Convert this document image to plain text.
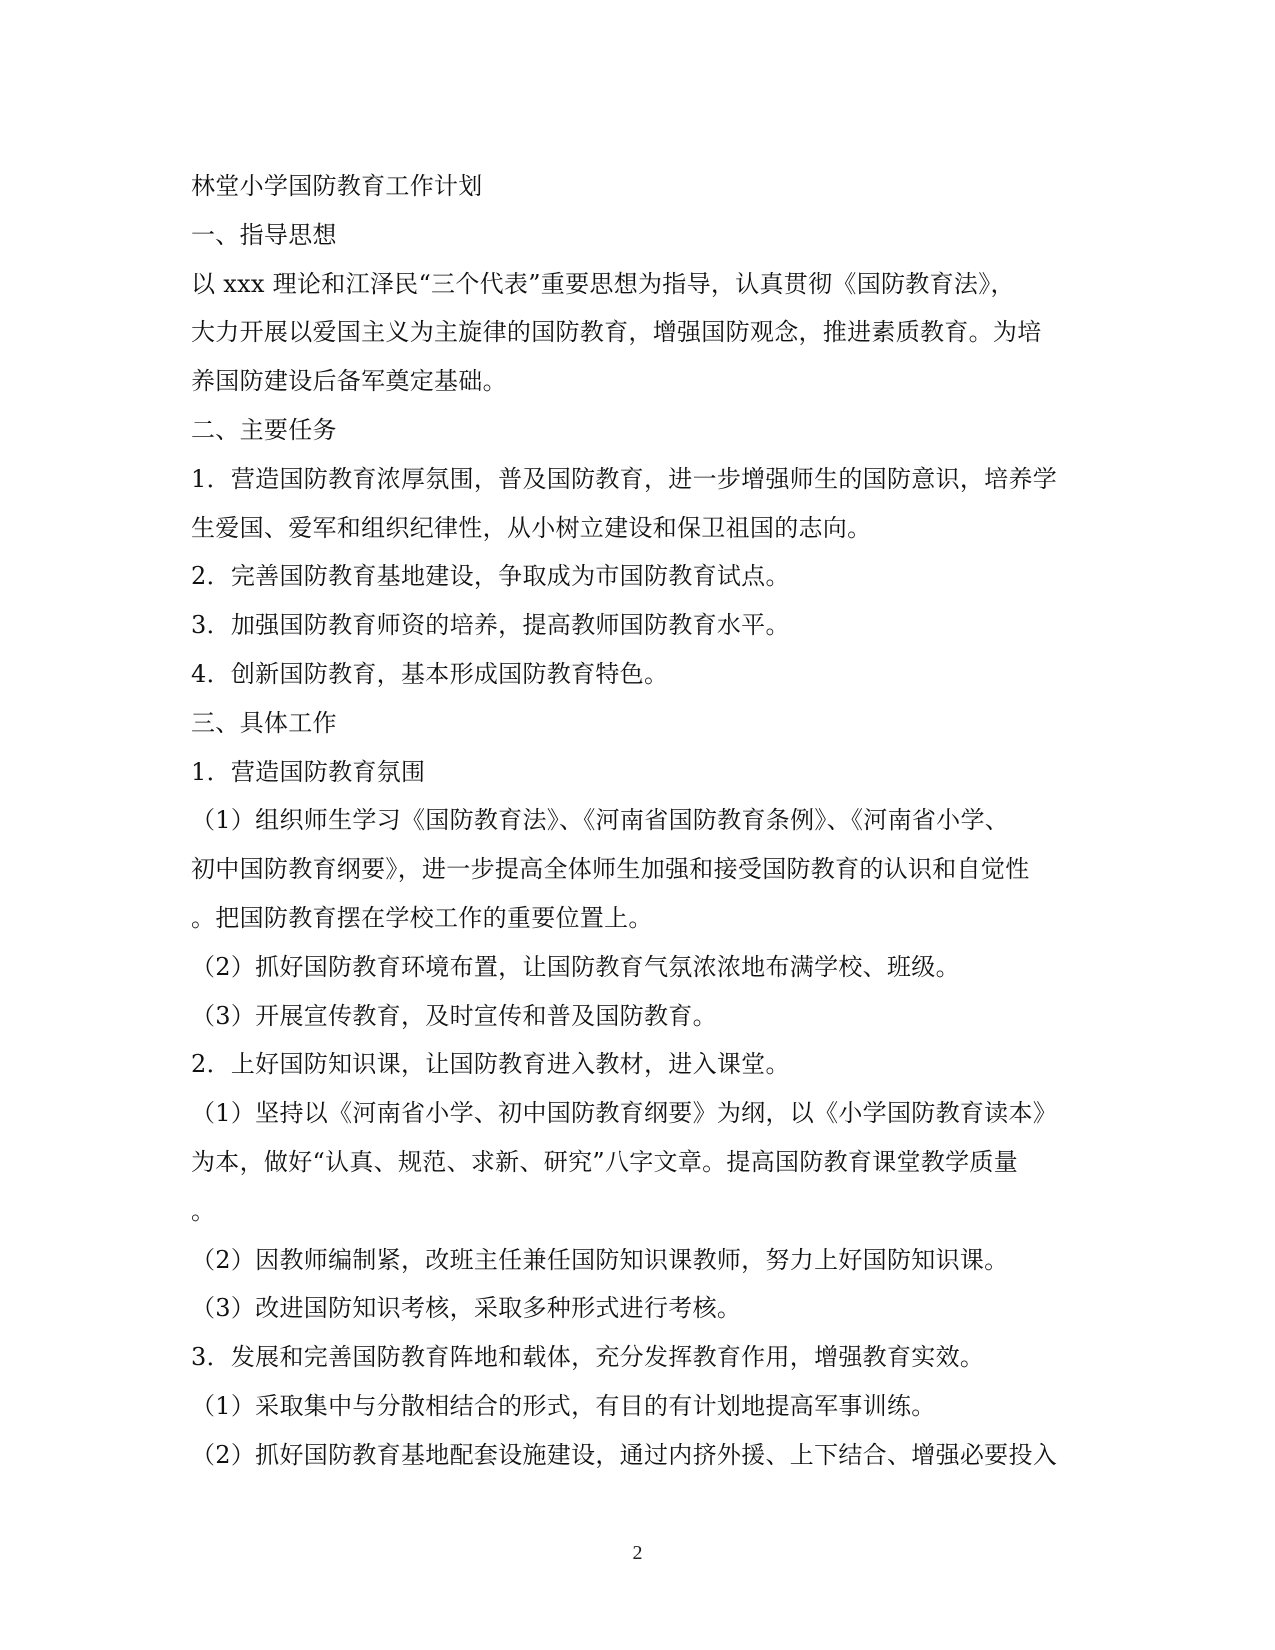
林堂小学国防教育工作计划
一、指导思想
以 xxx 理论和江泽民“三个代表”重要思想为指导，认真贯彻《国防教育法》，
大力开展以爱国主义为主旋律的国防教育，增强国防观念，推进素质教育。为培
养国防建设后备军奠定基础。
二、主要任务
1．营造国防教育浓厚氛围，普及国防教育，进一步增强师生的国防意识，培养学
生爱国、爱军和组织纪律性，从小树立建设和保卫祖国的志向。
2．完善国防教育基地建设，争取成为市国防教育试点。
3．加强国防教育师资的培养，提高教师国防教育水平。
4．创新国防教育，基本形成国防教育特色。
三、具体工作
1．营造国防教育氛围
（1）组织师生学习《国防教育法》、《河南省国防教育条例》、《河南省小学、
初中国防教育纲要》，进一步提高全体师生加强和接受国防教育的认识和自觉性
。把国防教育摆在学校工作的重要位置上。
（2）抓好国防教育环境布置，让国防教育气氛浓浓地布满学校、班级。
（3）开展宣传教育，及时宣传和普及国防教育。
2．上好国防知识课，让国防教育进入教材，进入课堂。
（1）坚持以《河南省小学、初中国防教育纲要》为纲，以《小学国防教育读本》
为本，做好“认真、规范、求新、研究”八字文章。提高国防教育课堂教学质量
。
（2）因教师编制紧，改班主任兼任国防知识课教师，努力上好国防知识课。
（3）改进国防知识考核，采取多种形式进行考核。
3．发展和完善国防教育阵地和载体，充分发挥教育作用，增强教育实效。
（1）采取集中与分散相结合的形式，有目的有计划地提高军事训练。
（2）抓好国防教育基地配套设施建设，通过内挤外援、上下结合、增强必要投入
2
